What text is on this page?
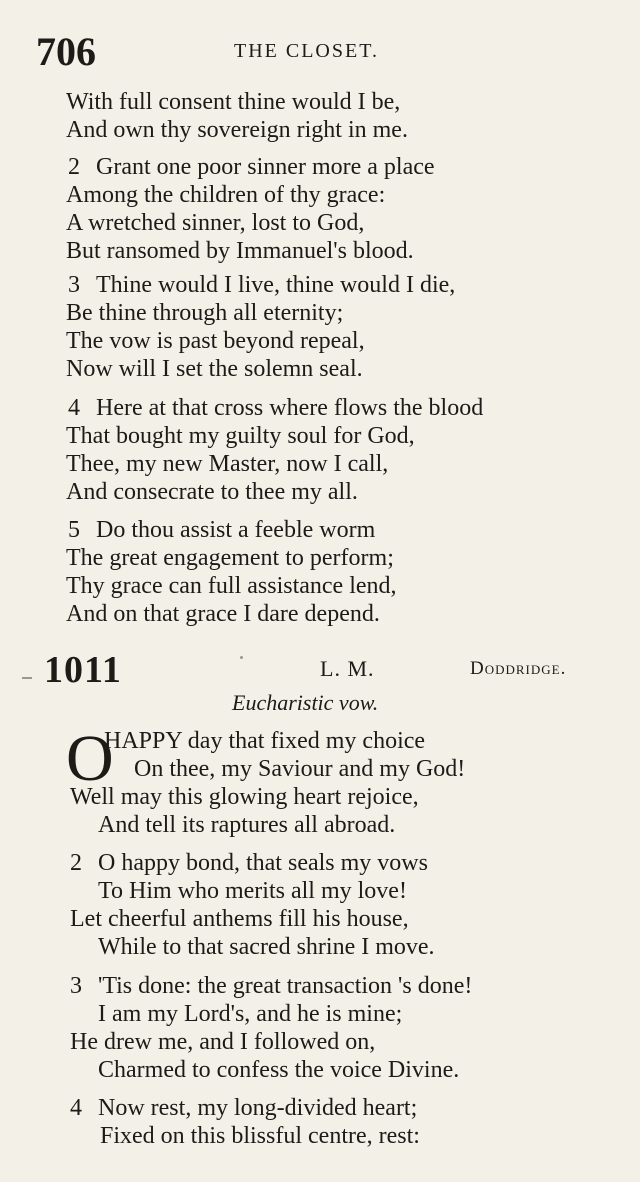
706	THE CLOSET.
With full consent thine would I be,
And own thy sovereign right in me.
2 Grant one poor sinner more a place
Among the children of thy grace:
A wretched sinner, lost to God,
But ransomed by Immanuel's blood.
3 Thine would I live, thine would I die,
Be thine through all eternity;
The vow is past beyond repeal,
Now will I set the solemn seal.
4 Here at that cross where flows the blood
That bought my guilty soul for God,
Thee, my new Master, now I call,
And consecrate to thee my all.
5 Do thou assist a feeble worm
The great engagement to perform;
Thy grace can full assistance lend,
And on that grace I dare depend.
1011	L. M.	Doddridge.
Eucharistic vow.
O
HAPPY day that fixed my choice
On thee, my Saviour and my God!
Well may this glowing heart rejoice,
And tell its raptures all abroad.
2 O happy bond, that seals my vows
To Him who merits all my love!
Let cheerful anthems fill his house,
While to that sacred shrine I move.
3 'Tis done: the great transaction 's done!
I am my Lord's, and he is mine;
He drew me, and I followed on,
Charmed to confess the voice Divine.
4 Now rest, my long-divided heart;
Fixed on this blissful centre, rest:
